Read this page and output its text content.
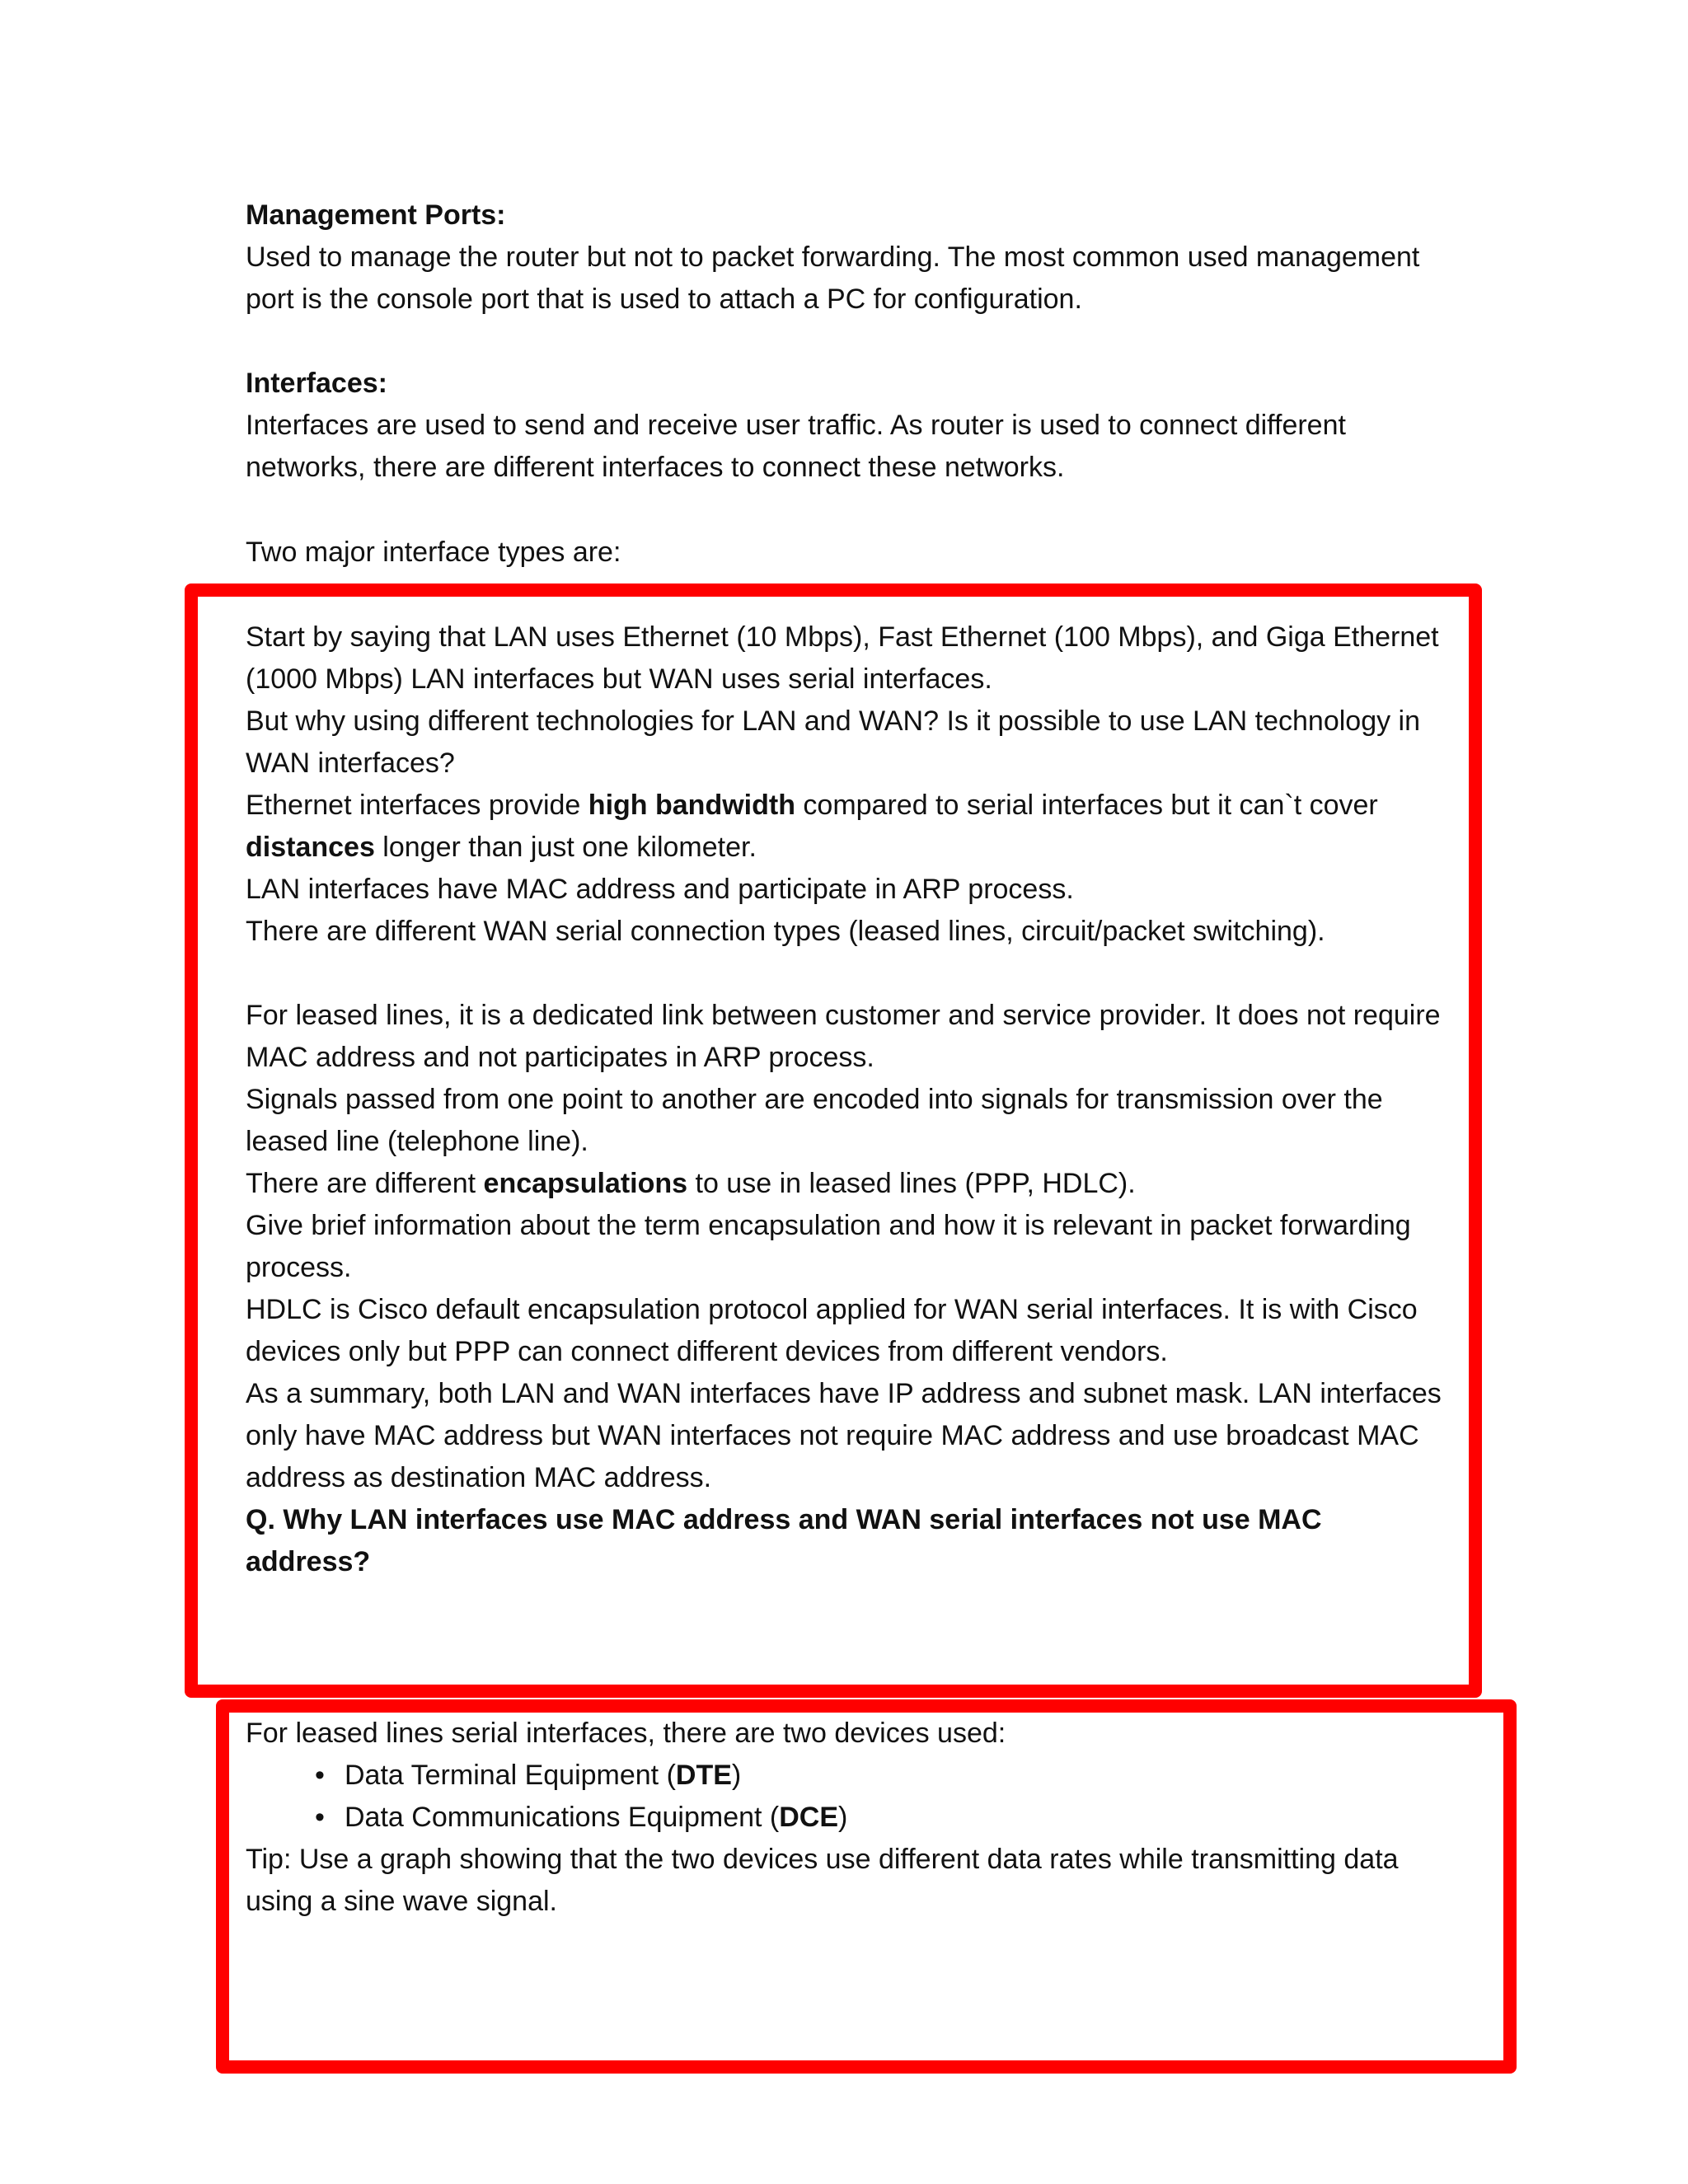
Management Ports:

Used to manage the router but not to packet forwarding. The most common used management

port is the console port that is used to attach a PC for configuration.

Interfaces:

Interfaces are used to send and receive user traffic. As router is used to connect different

networks, there are different interfaces to connect these networks.

Two major interface types are:

Start by saying that LAN uses Ethernet (10 Mbps), Fast Ethernet (100 Mbps), and Giga Ethernet

(1000 Mbps) LAN interfaces but WAN uses serial interfaces.

But why using different technologies for LAN and WAN? Is it possible to use LAN technology in

WAN interfaces?

Ethernet interfaces provide high bandwidth compared to serial interfaces but it can`t cover

distances longer than just one kilometer.

LAN interfaces have MAC address and participate in ARP process.

There are different WAN serial connection types (leased lines, circuit/packet switching).

For leased lines, it is a dedicated link between customer and service provider. It does not require

MAC address and not participates in ARP process.

Signals passed from one point to another are encoded into signals for transmission over the

leased line (telephone line).

There are different encapsulations to use in leased lines (PPP, HDLC).

Give brief information about the term encapsulation and how it is relevant in packet forwarding

process.

HDLC is Cisco default encapsulation protocol applied for WAN serial interfaces. It is with Cisco

devices only but PPP can connect different devices from different vendors.

As a summary, both LAN and WAN interfaces have IP address and subnet mask. LAN interfaces

only have MAC address but WAN interfaces not require MAC address and use broadcast MAC

address as destination MAC address.

Q. Why LAN interfaces use MAC address and WAN serial interfaces not use MAC address?

For leased lines serial interfaces, there are two devices used:

• Data Terminal Equipment (DTE)
• Data Communications Equipment (DCE)

Tip: Use a graph showing that the two devices use different data rates while transmitting data

using a sine wave signal.
